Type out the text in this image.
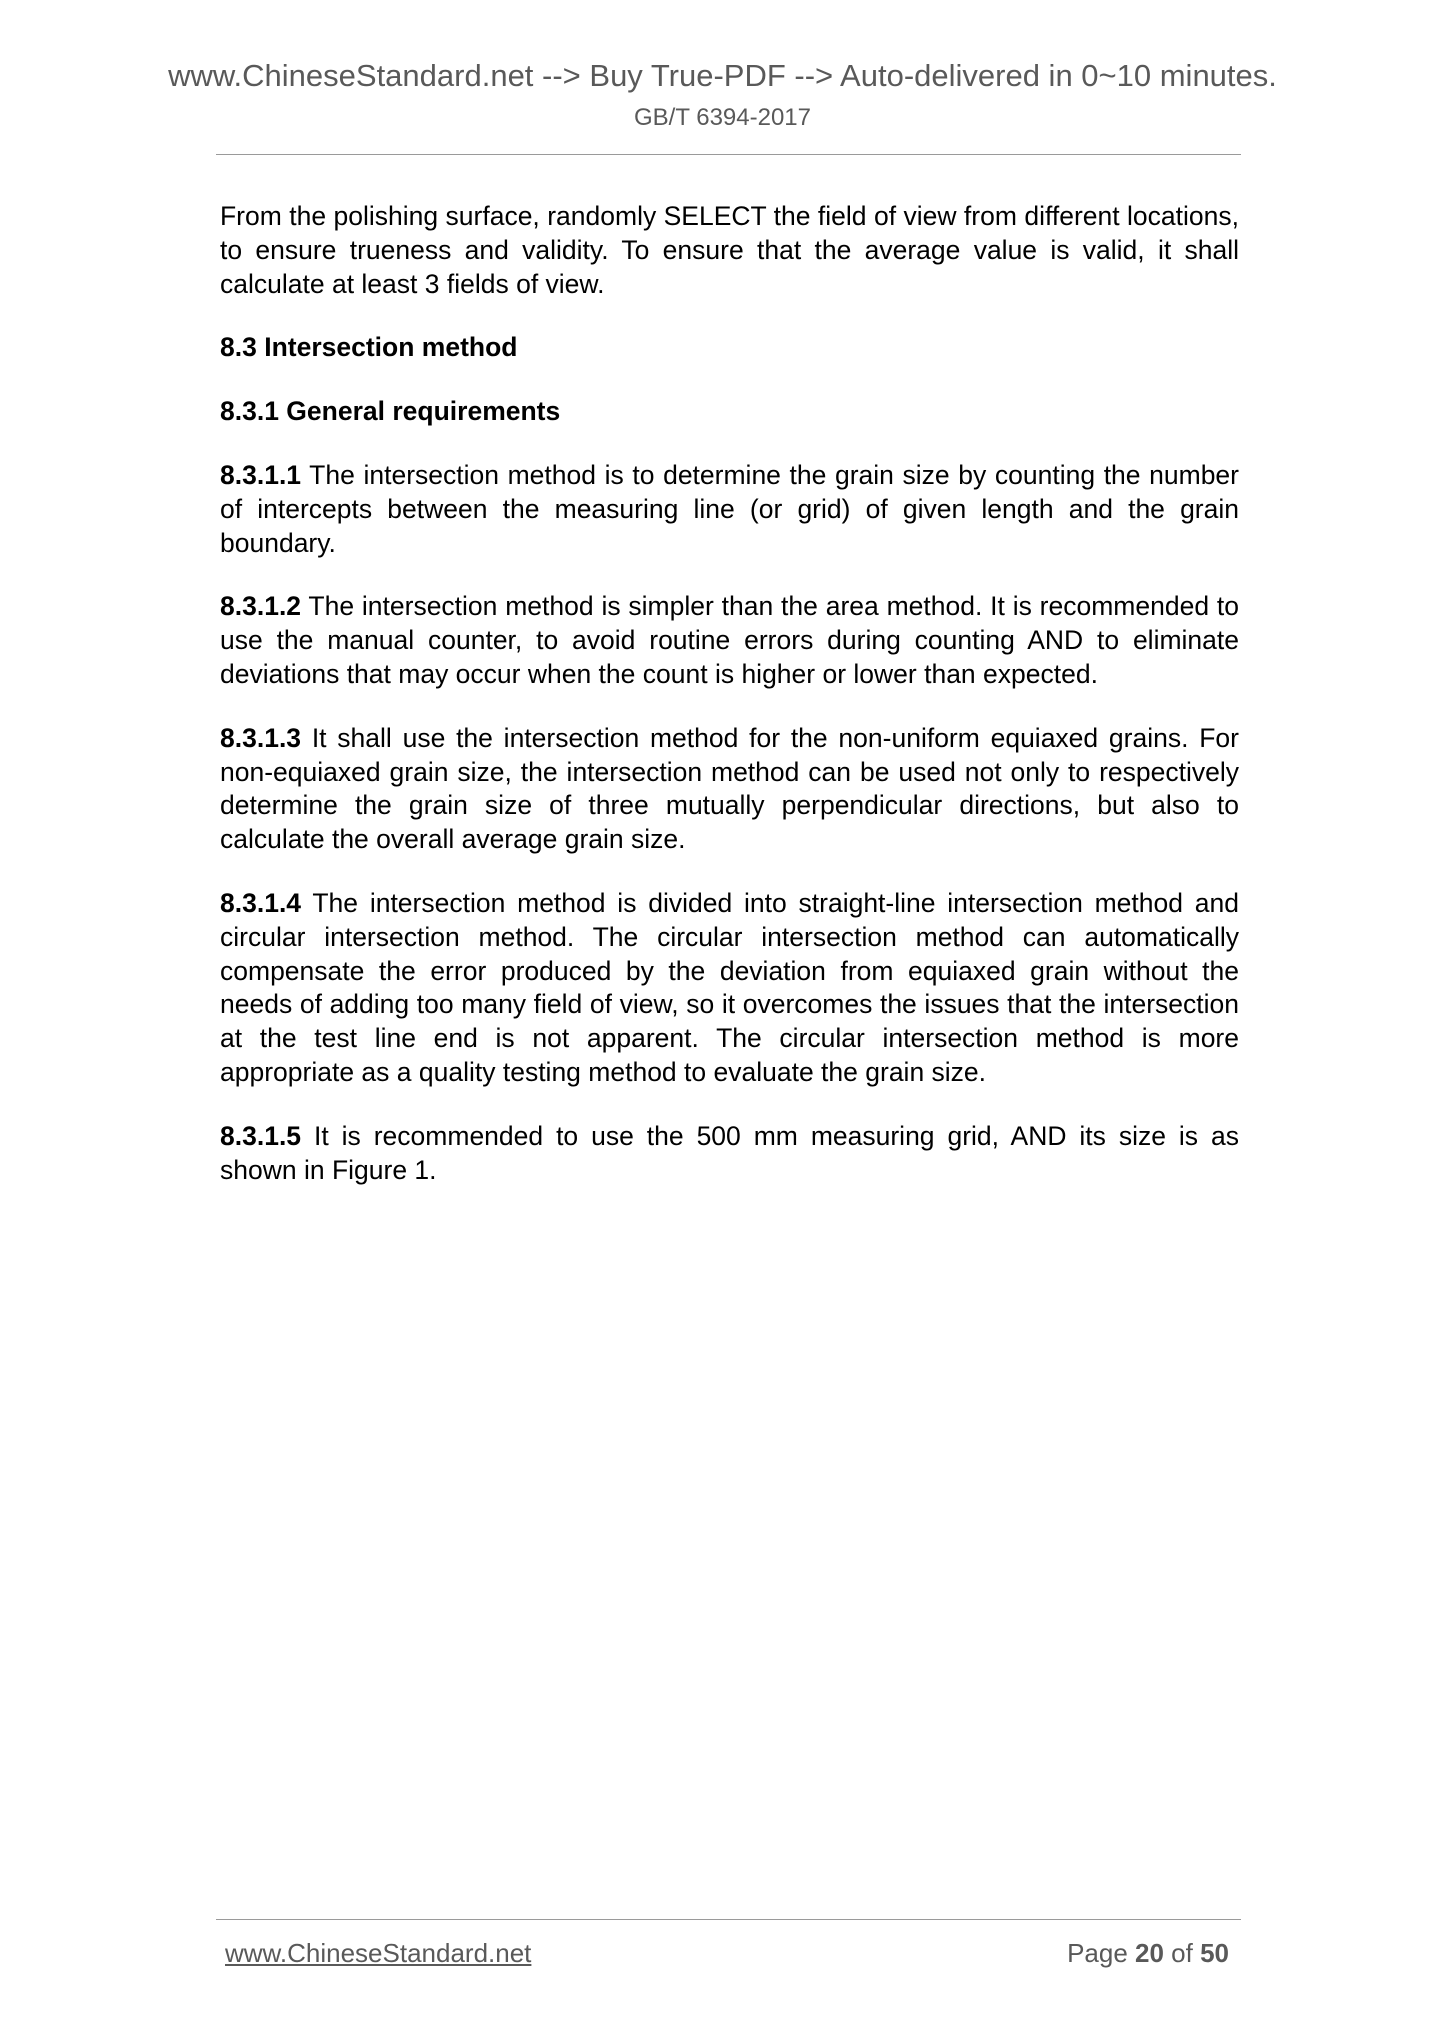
www.ChineseStandard.net --> Buy True-PDF --> Auto-delivered in 0~10 minutes.
GB/T 6394-2017

From the polishing surface, randomly SELECT the field of view from different locations, to ensure trueness and validity. To ensure that the average value is valid, it shall calculate at least 3 fields of view.

8.3 Intersection method
8.3.1 General requirements

8.3.1.1 The intersection method is to determine the grain size by counting the number of intercepts between the measuring line (or grid) of given length and the grain boundary.

8.3.1.2 The intersection method is simpler than the area method. It is recommended to use the manual counter, to avoid routine errors during counting AND to eliminate deviations that may occur when the count is higher or lower than expected.

8.3.1.3 It shall use the intersection method for the non-uniform equiaxed grains. For non-equiaxed grain size, the intersection method can be used not only to respectively determine the grain size of three mutually perpendicular directions, but also to calculate the overall average grain size.

8.3.1.4 The intersection method is divided into straight-line intersection method and circular intersection method. The circular intersection method can automatically compensate the error produced by the deviation from equiaxed grain without the needs of adding too many field of view, so it overcomes the issues that the intersection at the test line end is not apparent. The circular intersection method is more appropriate as a quality testing method to evaluate the grain size.

8.3.1.5 It is recommended to use the 500 mm measuring grid, AND its size is as shown in Figure 1.

www.ChineseStandard.net	Page 20 of 50
